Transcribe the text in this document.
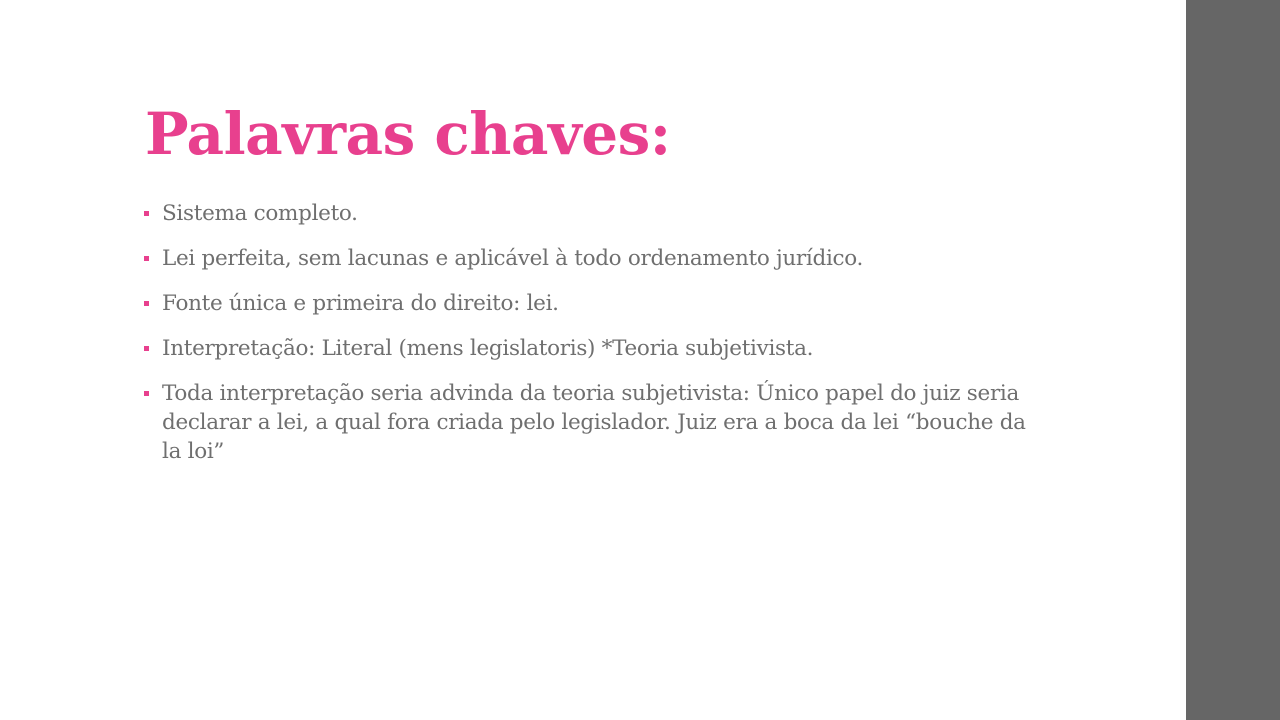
Palavras chaves:
Sistema completo.
Lei perfeita, sem lacunas e aplicável à todo ordenamento jurídico.
Fonte única e primeira do direito: lei.
Interpretação: Literal (mens legislatoris) *Teoria subjetivista.
Toda interpretação seria advinda da teoria subjetivista: Único papel do juiz seria declarar a lei, a qual fora criada pelo legislador. Juiz era a boca da lei “bouche da la loi”
